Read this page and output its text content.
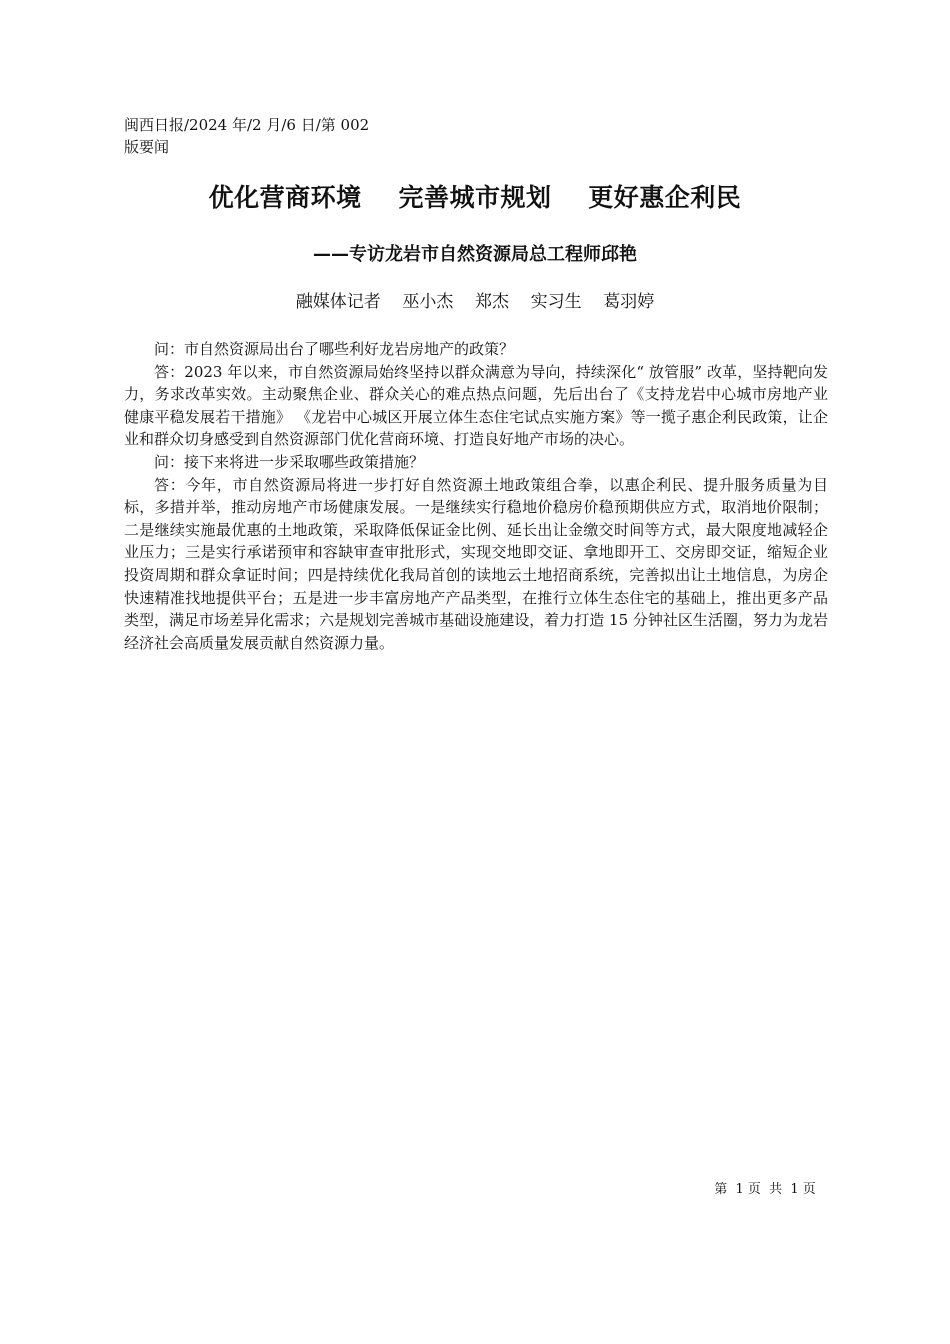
闽西日报/2024 年/2 月/6 日/第 002
版要闻
优化营商环境    完善城市规划    更好惠企利民
——专访龙岩市自然资源局总工程师邱艳
融媒体记者    巫小杰    郑杰    实习生    葛羽婷

问：市自然资源局出台了哪些利好龙岩房地产的政策？

答：2023 年以来，市自然资源局始终坚持以群众满意为导向，持续深化“ 放管服” 改革，坚持靶向发力，务求改革实效。主动聚焦企业、群众关心的难点热点问题，先后出台了《支持龙岩中心城市房地产业健康平稳发展若干措施》 《龙岩中心城区开展立体生态住宅试点实施方案》等一揽子惠企利民政策，让企业和群众切身感受到自然资源部门优化营商环境、打造良好地产市场的决心。

问：接下来将进一步采取哪些政策措施？

答：今年，市自然资源局将进一步打好自然资源土地政策组合拳，以惠企利民、提升服务质量为目标，多措并举，推动房地产市场健康发展。一是继续实行稳地价稳房价稳预期供应方式，取消地价限制；二是继续实施最优惠的土地政策，采取降低保证金比例、延长出让金缴交时间等方式，最大限度地减轻企业压力；三是实行承诺预审和容缺审查审批形式，实现交地即交证、拿地即开工、交房即交证，缩短企业投资周期和群众拿证时间；四是持续优化我局首创的读地云土地招商系统，完善拟出让土地信息，为房企快速精准找地提供平台；五是进一步丰富房地产产品类型，在推行立体生态住宅的基础上，推出更多产品类型，满足市场差异化需求；六是规划完善城市基础设施建设，着力打造 15 分钟社区生活圈，努力为龙岩经济社会高质量发展贡献自然资源力量。

第  1 页  共  1 页
